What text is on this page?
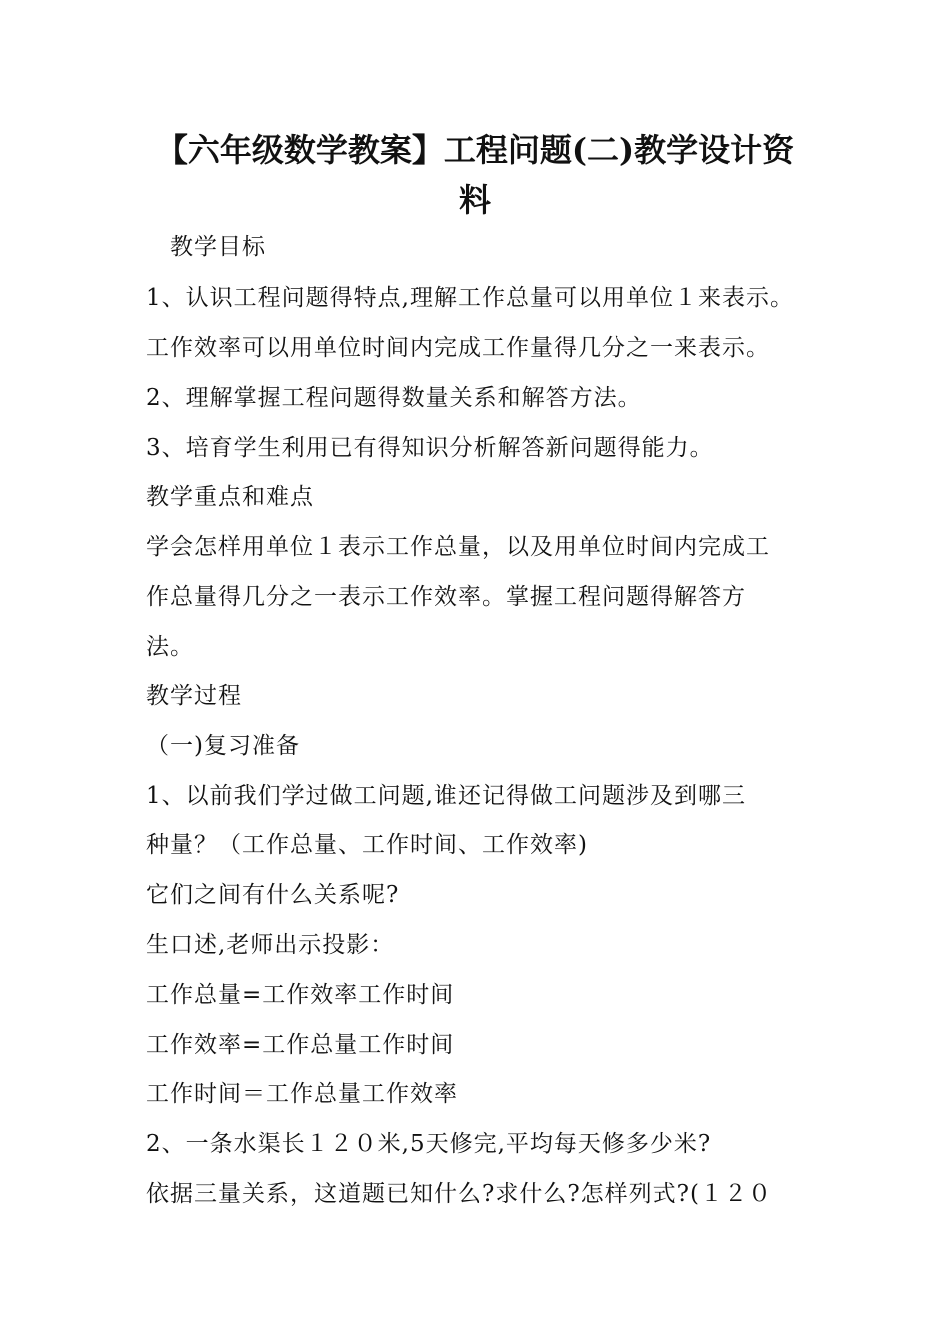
【六年级数学教案】工程问题(二)教学设计资
料
　教学目标
1、认识工程问题得特点,理解工作总量可以用单位１来表示。
工作效率可以用单位时间内完成工作量得几分之一来表示。
2、理解掌握工程问题得数量关系和解答方法。
3、培育学生利用已有得知识分析解答新问题得能力。
教学重点和难点
学会怎样用单位１表示工作总量，以及用单位时间内完成工
作总量得几分之一表示工作效率。掌握工程问题得解答方
法。
教学过程
（一)复习准备
1、以前我们学过做工问题,谁还记得做工问题涉及到哪三
种量？（工作总量、工作时间、工作效率)
它们之间有什么关系呢?
生口述,老师出示投影：
工作总量=工作效率工作时间
工作效率=工作总量工作时间
工作时间＝工作总量工作效率
2、一条水渠长１２０米,5天修完,平均每天修多少米?
依据三量关系，这道题已知什么?求什么?怎样列式?(１２０
